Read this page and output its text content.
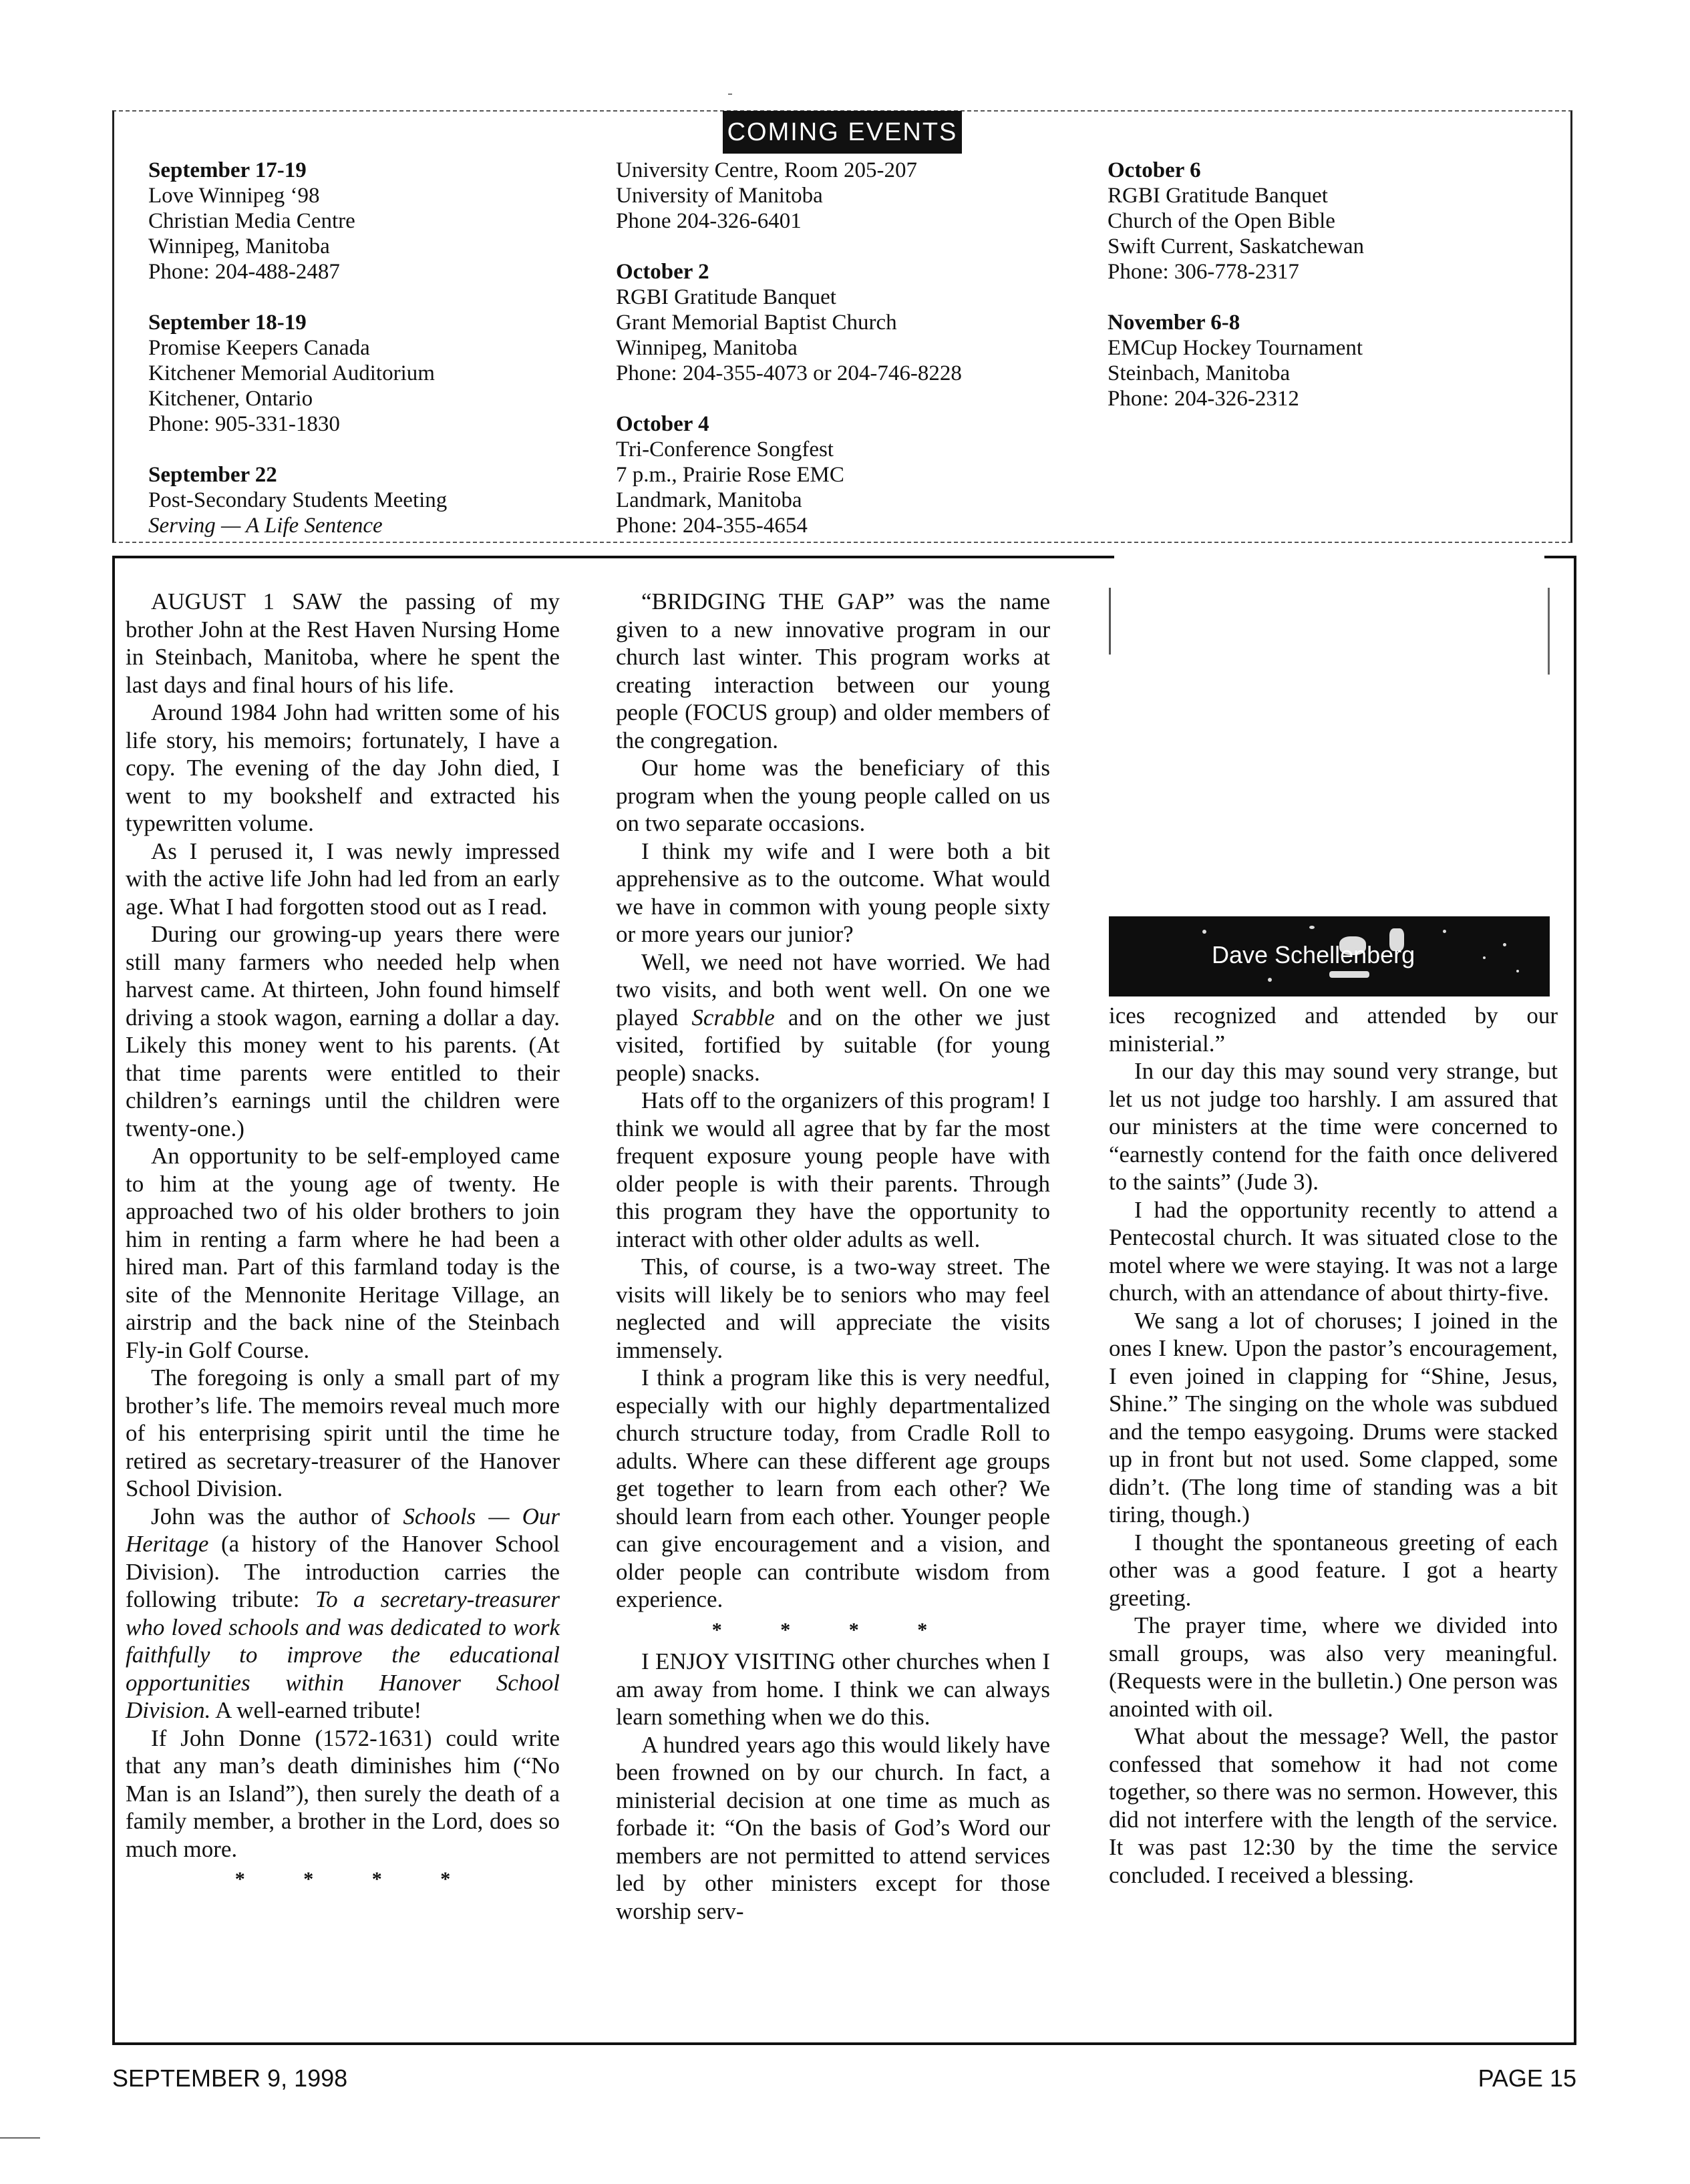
COMING EVENTS
September 17-19
Love Winnipeg ‘98
Christian Media Centre
Winnipeg, Manitoba
Phone: 204-488-2487
September 18-19
Promise Keepers Canada
Kitchener Memorial Auditorium
Kitchener, Ontario
Phone: 905-331-1830
September 22
Post-Secondary Students Meeting
Serving — A Life Sentence
University Centre, Room 205-207
University of Manitoba
Phone 204-326-6401
October 2
RGBI Gratitude Banquet
Grant Memorial Baptist Church
Winnipeg, Manitoba
Phone: 204-355-4073 or 204-746-8228
October 4
Tri-Conference Songfest
7 p.m., Prairie Rose EMC
Landmark, Manitoba
Phone: 204-355-4654
October 6
RGBI Gratitude Banquet
Church of the Open Bible
Swift Current, Saskatchewan
Phone: 306-778-2317
November 6-8
EMCup Hockey Tournament
Steinbach, Manitoba
Phone: 204-326-2312

AUGUST 1 SAW the passing of my brother John at the Rest Haven Nursing Home in Steinbach, Manitoba, where he spent the last days and final hours of his life.

Around 1984 John had written some of his life story, his memoirs; fortunately, I have a copy. The evening of the day John died, I went to my bookshelf and extracted his typewritten volume.

As I perused it, I was newly impressed with the active life John had led from an early age. What I had forgotten stood out as I read.

During our growing-up years there were still many farmers who needed help when harvest came. At thirteen, John found himself driving a stook wagon, earning a dollar a day. Likely this money went to his parents. (At that time parents were entitled to their children’s earnings until the children were twenty-one.)

An opportunity to be self-employed came to him at the young age of twenty. He approached two of his older brothers to join him in renting a farm where he had been a hired man. Part of this farmland today is the site of the Mennonite Heritage Village, an airstrip and the back nine of the Steinbach Fly-in Golf Course.

The foregoing is only a small part of my brother’s life. The memoirs reveal much more of his enterprising spirit until the time he retired as secretary-treasurer of the Hanover School Division.

John was the author of Schools — Our Heritage (a history of the Hanover School Division). The introduction carries the following tribute: To a secretary-treasurer who loved schools and was dedicated to work faithfully to improve the educational opportunities within Hanover School Division. A well-earned tribute!

If John Donne (1572-1631) could write that any man’s death diminishes him (“No Man is an Island”), then surely the death of a family member, a brother in the Lord, does so much more.

* * * *

“BRIDGING THE GAP” was the name given to a new innovative program in our church last winter. This program works at creating interaction between our young people (FOCUS group) and older members of the congregation.

Our home was the beneficiary of this program when the young people called on us on two separate occasions.

I think my wife and I were both a bit apprehensive as to the outcome. What would we have in common with young people sixty or more years our junior?

Well, we need not have worried. We had two visits, and both went well. On one we played Scrabble and on the other we just visited, fortified by suitable (for young people) snacks.

Hats off to the organizers of this program! I think we would all agree that by far the most frequent exposure young people have with older people is with their parents. Through this program they have the opportunity to interact with other older adults as well.

This, of course, is a two-way street. The visits will likely be to seniors who may feel neglected and will appreciate the visits immensely.

I think a program like this is very needful, especially with our highly departmentalized church structure today, from Cradle Roll to adults. Where can these different age groups get together to learn from each other? We should learn from each other. Younger people can give encouragement and a vision, and older people can contribute wisdom from experience.

* * * *

I ENJOY VISITING other churches when I am away from home. I think we can always learn something when we do this.

A hundred years ago this would likely have been frowned on by our church. In fact, a ministerial decision at one time as much as forbade it: “On the basis of God’s Word our members are not permitted to attend services led by other ministers except for those worship serv-

Dave Schellenberg

ices recognized and attended by our ministerial.”

In our day this may sound very strange, but let us not judge too harshly. I am assured that our ministers at the time were concerned to “earnestly contend for the faith once delivered to the saints” (Jude 3).

I had the opportunity recently to attend a Pentecostal church. It was situated close to the motel where we were staying. It was not a large church, with an attendance of about thirty-five.

We sang a lot of choruses; I joined in the ones I knew. Upon the pastor’s encouragement, I even joined in clapping for “Shine, Jesus, Shine.” The singing on the whole was subdued and the tempo easygoing. Drums were stacked up in front but not used. Some clapped, some didn’t. (The long time of standing was a bit tiring, though.)

I thought the spontaneous greeting of each other was a good feature. I got a hearty greeting.

The prayer time, where we divided into small groups, was also very meaningful. (Requests were in the bulletin.) One person was anointed with oil.

What about the message? Well, the pastor confessed that somehow it had not come together, so there was no sermon. However, this did not interfere with the length of the service. It was past 12:30 by the time the service concluded. I received a blessing.

SEPTEMBER 9, 1998	PAGE 15
